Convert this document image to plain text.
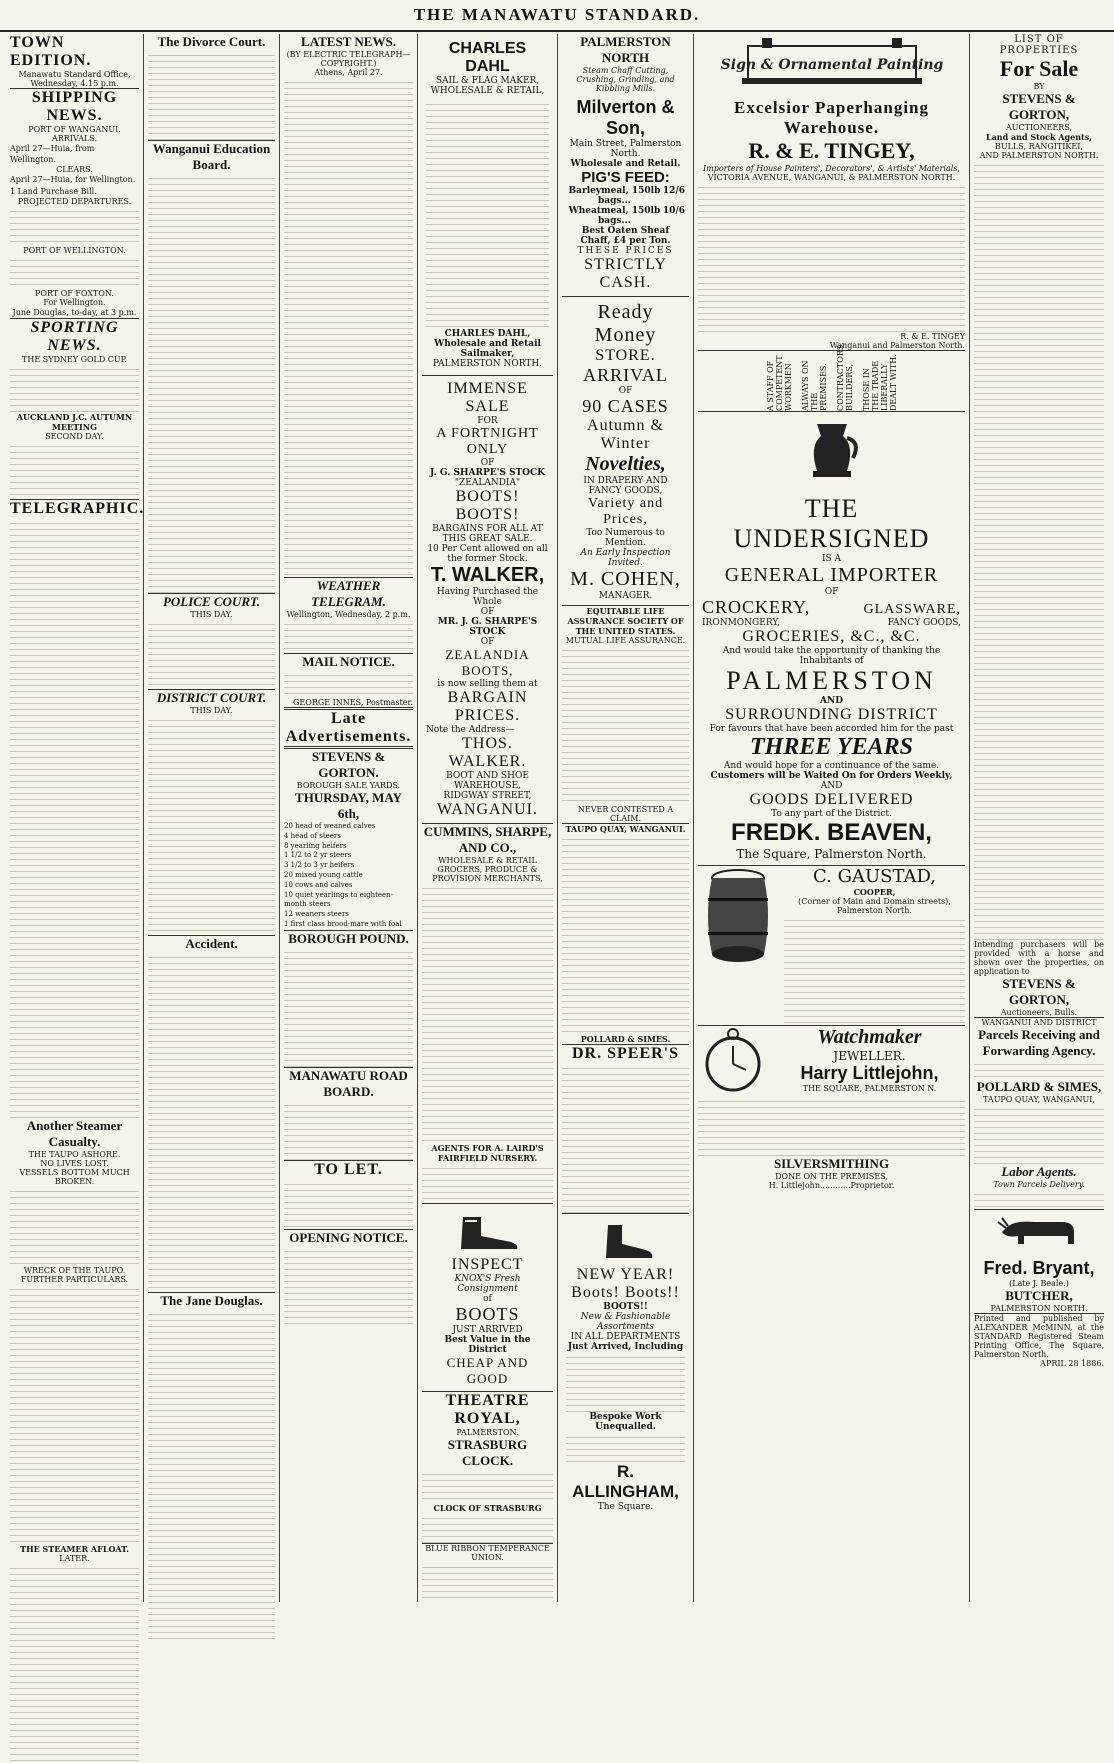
THE MANAWATU STANDARD.
TOWN EDITION.
Manawatu Standard Office,
Wednesday, 4.15 p.m.
SHIPPING NEWS.
PORT OF WANGANUI.
ARRIVALS.
April 27—Huia, from Wellington.
CLEARS.
April 27—Huia, for Wellington. 1 Land Purchase Bill.
PROJECTED DEPARTURES.
PORT OF WELLINGTON.
PORT OF FOXTON.
For Wellington.
June Douglas, to-day, at 3 p.m.
SPORTING NEWS.
THE SYDNEY GOLD CUP.
AUCKLAND J.C. AUTUMN MEETING
SECOND DAY.
TELEGRAPHIC.
Another Steamer Casualty.
THE TAUPO ASHORE.
NO LIVES LOST.
VESSELS BOTTOM MUCH BROKEN.
WRECK OF THE TAUPO.
FURTHER PARTICULARS.
THE STEAMER AFLOAT.
LATER.
The Divorce Court.
Wanganui Education Board.
POLICE COURT.
THIS DAY.
DISTRICT COURT.
THIS DAY.
Accident.
The Jane Douglas.
LATEST NEWS.
(BY ELECTRIC TELEGRAPH—COPYRIGHT.)
Athens, April 27.
WEATHER TELEGRAM.
Wellington, Wednesday, 2 p.m.
MAIL NOTICE.
GEORGE INNES, Postmaster.
Late Advertisements.
STEVENS & GORTON.
BOROUGH SALE YARDS.
THURSDAY, MAY 6th,
20 head of weaned calves
4 head of steers
8 yearling heifers
1 1/2 to 2 yr steers
3 1/2 to 3 yr heifers
20 mixed young cattle
10 cows and calves
10 quiet yearlings to eighteen-month steers
12 weaners steers
1 first class brood-mare with foal
BOROUGH POUND.
MANAWATU ROAD BOARD.
TO LET.
OPENING NOTICE.
CHARLES DAHL
SAIL & FLAG MAKER,
WHOLESALE & RETAIL,
CHARLES DAHL, Wholesale and Retail Sailmaker,
PALMERSTON NORTH.
IMMENSE SALE
FOR
A FORTNIGHT ONLY
OF
J. G. SHARPE'S STOCK
"ZEALANDIA"
BOOTS! BOOTS!
BARGAINS FOR ALL AT THIS GREAT SALE.
10 Per Cent allowed on all the former Stock.
T. WALKER,
Having Purchased the Whole
OF
MR. J. G. SHARPE'S STOCK
OF
ZEALANDIA BOOTS,
is now selling them at
BARGAIN PRICES.
Note the Address—
THOS. WALKER.
BOOT AND SHOE WAREHOUSE,
RIDGWAY STREET,
WANGANUI.
CUMMINS, SHARPE, AND CO.,
WHOLESALE & RETAIL GROCERS, PRODUCE & PROVISION MERCHANTS,
AGENTS FOR A. LAIRD'S FAIRFIELD NURSERY.
INSPECT
KNOX'S Fresh Consignment
of
BOOTS
JUST ARRIVED
Best Value in the District
CHEAP AND GOOD
THEATRE ROYAL,
PALMERSTON.
STRASBURG CLOCK.
CLOCK OF STRASBURG
BLUE RIBBON TEMPERANCE UNION.
PALMERSTON NORTH
Steam Chaff Cutting, Crushing, Grinding, and Kibbling Mills.
Milverton & Son,
Main Street, Palmerston North.
Wholesale and Retail.
PIG'S FEED:
Barleymeal, 150lb bags...
12/6
Wheatmeal, 150lb bags...
10/6
Best Oaten Sheaf Chaff, £4 per Ton.
THESE PRICES
STRICTLY CASH.
Ready Money
STORE.
ARRIVAL
OF
90 CASES
Autumn & Winter
Novelties,
IN DRAPERY AND FANCY GOODS,
Variety and Prices,
Too Numerous to Mention.
An Early Inspection Invited.
M. COHEN,
MANAGER.
EQUITABLE LIFE ASSURANCE SOCIETY OF THE UNITED STATES.
MUTUAL LIFE ASSURANCE.
NEVER CONTESTED A CLAIM.
TAUPO QUAY, WANGANUI.
POLLARD & SIMES.
DR. SPEER'S
NEW YEAR!
Boots! Boots!!
BOOTS!!
New & Fashionable Assortments
IN ALL DEPARTMENTS
Just Arrived, Including
Bespoke Work Unequalled.
R. ALLINGHAM,
The Square.
Sign & Ornamental Painting
Excelsior Paperhanging Warehouse.
R. & E. TINGEY,
Importers of House Painters', Decorators', & Artists' Materials,
VICTORIA AVENUE, WANGANUI, & PALMERSTON NORTH.
R. & E. TINGEY
Wanganui and Palmerston North.
A STAFF OF COMPETENT WORKMEN ALWAYS ON THE PREMISES. CONTRACTORS, BUILDERS, THOSE IN THE TRADE LIBERALLY DEALT WITH.
THE
UNDERSIGNED
IS A
GENERAL IMPORTER
OF
CROCKERY,	GLASSWARE,
IRONMONGERY,	FANCY GOODS,
GROCERIES, &C., &C.
And would take the opportunity of thanking the Inhabitants of
PALMERSTON
AND
SURROUNDING DISTRICT
For favours that have been accorded him for the past
THREE YEARS
And would hope for a continuance of the same.
Customers will be Waited On for Orders Weekly,
AND
GOODS DELIVERED
To any part of the District.
FREDK. BEAVEN,
The Square, Palmerston North.
C. GAUSTAD,
COOPER,
(Corner of Main and Domain streets), Palmerston North.
Watchmaker
JEWELLER.
Harry Littlejohn,
THE SQUARE, PALMERSTON N.
SILVERSMITHING
DONE ON THE PREMISES,
H. Littlejohn............Proprietor.
LIST OF PROPERTIES
For Sale
BY
STEVENS & GORTON,
AUCTIONEERS,
Land and Stock Agents,
BULLS, RANGITIKEI,
AND PALMERSTON NORTH.
Intending purchasers will be provided with a horse and shown over the properties, on application to
STEVENS & GORTON,
Auctioneers, Bulls.
WANGANUI AND DISTRICT
Parcels Receiving and Forwarding Agency.
POLLARD & SIMES,
TAUPO QUAY, WANGANUI,
Labor Agents.
Town Parcels Delivery.
Fred. Bryant,
(Late J. Beale.)
BUTCHER,
PALMERSTON NORTH.
Printed and published by ALEXANDER McMINN, at the STANDARD Registered Steam Printing Office, The Square, Palmerston North.
APRIL 28 1886.
